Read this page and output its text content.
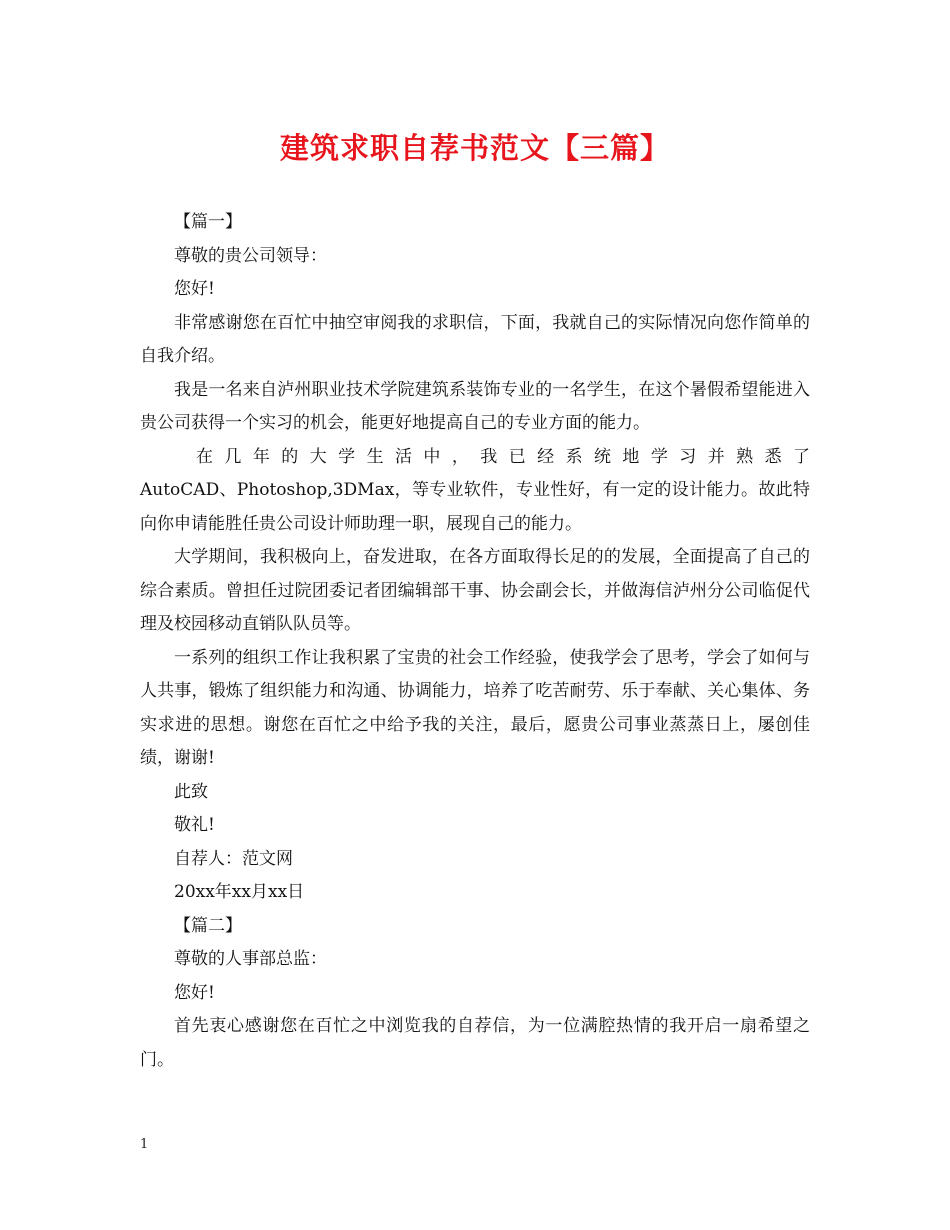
建筑求职自荐书范文【三篇】

【篇一】

尊敬的贵公司领导：

您好!

非常感谢您在百忙中抽空审阅我的求职信，下面，我就自己的实际情况向您作简单的自我介绍。

我是一名来自泸州职业技术学院建筑系装饰专业的一名学生，在这个暑假希望能进入贵公司获得一个实习的机会，能更好地提高自己的专业方面的能力。

在几年的大学生活中，我已经系统地学习并熟悉了

AutoCAD、Photoshop,3DMax，等专业软件，专业性好，有一定的设计能力。故此特向你申请能胜任贵公司设计师助理一职，展现自己的能力。

大学期间，我积极向上，奋发进取，在各方面取得长足的的发展，全面提高了自己的综合素质。曾担任过院团委记者团编辑部干事、协会副会长，并做海信泸州分公司临促代理及校园移动直销队队员等。

一系列的组织工作让我积累了宝贵的社会工作经验，使我学会了思考，学会了如何与人共事，锻炼了组织能力和沟通、协调能力，培养了吃苦耐劳、乐于奉献、关心集体、务实求进的思想。谢您在百忙之中给予我的关注，最后，愿贵公司事业蒸蒸日上，屡创佳绩，谢谢!

此致

敬礼!

自荐人：范文网

20xx年xx月xx日

【篇二】

尊敬的人事部总监：

您好!

首先衷心感谢您在百忙之中浏览我的自荐信，为一位满腔热情的我开启一扇希望之门。

1
